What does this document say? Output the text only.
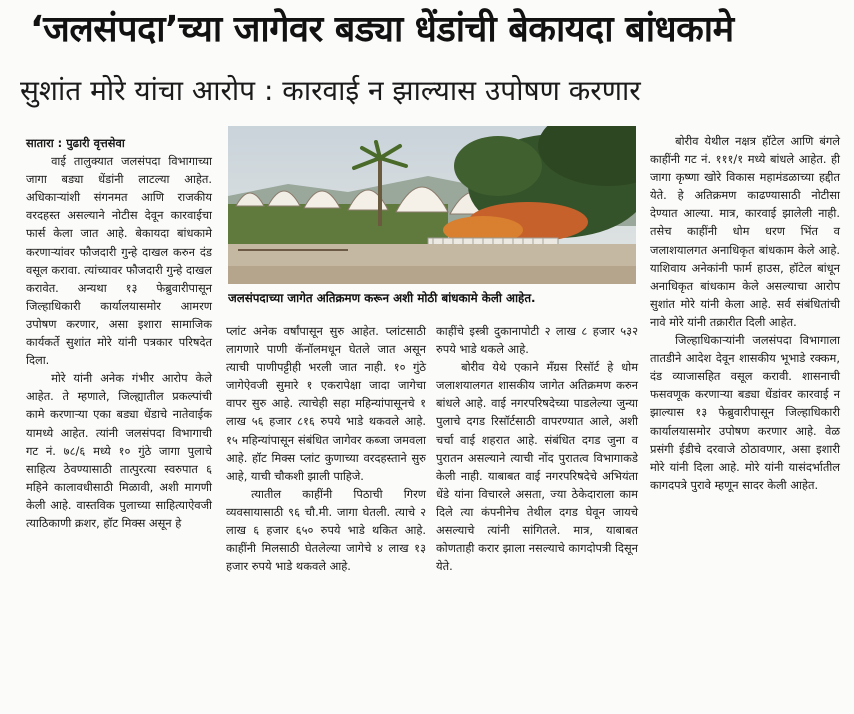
‘जलसंपदा’च्या जागेवर बड्या धेंडांची बेकायदा बांधकामे
सुशांत मोरे यांचा आरोप : कारवाई न झाल्यास उपोषण करणार
सातारा : पुढारी वृत्तसेवा

वाई तालुक्यात जलसंपदा विभागाच्या जागा बड्या धेंडांनी लाटल्या आहेत. अधिकाऱ्यांशी संगनमत आणि राजकीय वरदहस्त असल्याने नोटीस देवून कारवाईचा फार्स केला जात आहे. बेकायदा बांधकामे करणाऱ्यांवर फौजदारी गुन्हे दाखल करुन दंड वसूल करावा. त्यांच्यावर फौजदारी गुन्हे दाखल करावेत. अन्यथा १३ फेब्रुवारीपासून जिल्हाधिकारी कार्यालयासमोर आमरण उपोषण करणार, असा इशारा सामाजिक कार्यकर्ते सुशांत मोरे यांनी पत्रकार परिषदेत दिला.

मोरे यांनी अनेक गंभीर आरोप केले आहेत. ते म्हणाले, जिल्ह्यातील प्रकल्पांची कामे करणाऱ्या एका बड्या धेंडाचे नातेवाईक यामध्ये आहेत. त्यांनी जलसंपदा विभागाची गट नं. ७८/६ मध्ये १० गुंठे जागा पुलाचे साहित्य ठेवण्यासाठी तात्पुरत्या स्वरुपात ६ महिने कालावधीसाठी मिळावी, अशी मागणी केली आहे. वास्तविक पुलाच्या साहित्याऐवजी त्याठिकाणी क्रशर, हॉट मिक्स असून हे

जलसंपदाच्या जागेत अतिक्रमण करून अशी मोठी बांधकामे केली आहेत.

प्लांट अनेक वर्षांपासून सुरु आहेत. प्लांटसाठी लागणारे पाणी कॅनॉलमधून घेतले जात असून त्याची पाणीपट्टीही भरली जात नाही. १० गुंठे जागेऐवजी सुमारे १ एकरापेक्षा जादा जागेचा वापर सुरु आहे. त्याचेही सहा महिन्यांपासूनचे १ लाख ५६ हजार ८१६ रुपये भाडे थकवले आहे. १५ महिन्यांपासून संबंधित जागेवर कब्जा जमवला आहे. हॉट मिक्स प्लांट कुणाच्या वरदहस्ताने सुरु आहे, याची चौकशी झाली पाहिजे.

त्यातील काहींनी पिठाची गिरण व्यवसायासाठी ९६ चौ.मी. जागा घेतली. त्याचे २ लाख ६ हजार ६५० रुपये भाडे थकित आहे. काहींनी मिलसाठी घेतलेल्या जागेचे ४ लाख १३ हजार रुपये भाडे थकवले आहे.

काहींचे इस्त्री दुकानापोटी २ लाख ८ हजार ५३२ रुपये भाडे थकले आहे.

बोरीव येथे एकाने मॅंग्रस रिसॉर्ट हे धोम जलाशयालगत शासकीय जागेत अतिक्रमण करुन बांधले आहे. वाई नगरपरिषदेच्या पाडलेल्या जुन्या पुलाचे दगड रिसॉर्टसाठी वापरण्यात आले, अशी चर्चा वाई शहरात आहे. संबंधित दगड जुना व पुरातन असल्याने त्याची नोंद पुरातत्व विभागाकडे केली नाही. याबाबत वाई नगरपरिषदेचे अभियंता धेंडे यांना विचारले असता, ज्या ठेकेदाराला काम दिले त्या कंपनीनेच तेथील दगड घेवून जायचे असल्याचे त्यांनी सांगितले. मात्र, याबाबत कोणताही करार झाला नसल्याचे कागदोपत्री दिसून येते.

बोरीव येथील नक्षत्र हॉटेल आणि बंगले काहींनी गट नं. १११/१ मध्ये बांधले आहेत. ही जागा कृष्णा खोरे विकास महामंडळाच्या हद्दीत येते. हे अतिक्रमण काढण्यासाठी नोटीसा देण्यात आल्या. मात्र, कारवाई झालेली नाही. तसेच काहींनी धोम धरण भिंत व जलाशयालगत अनाधिकृत बांधकाम केले आहे. याशिवाय अनेकांनी फार्म हाउस, हॉटेल बांधून अनाधिकृत बांधकाम केले असल्याचा आरोप सुशांत मोरे यांनी केला आहे. सर्व संबंधितांची नावे मोरे यांनी तक्रारीत दिली आहेत.

जिल्हाधिकाऱ्यांनी जलसंपदा विभागाला तातडीने आदेश देवून शासकीय भूभाडे रक्कम, दंड व्याजासहित वसूल करावी. शासनाची फसवणूक करणाऱ्या बड्या धेंडांवर कारवाई न झाल्यास १३ फेब्रुवारीपासून जिल्हाधिकारी कार्यालयासमोर उपोषण करणार आहे. वेळ प्रसंगी ईडीचे दरवाजे ठोठावणार, असा इशारी मोरे यांनी दिला आहे. मोरे यांनी यासंदर्भातील कागदपत्रे पुरावे म्हणून सादर केली आहेत.
